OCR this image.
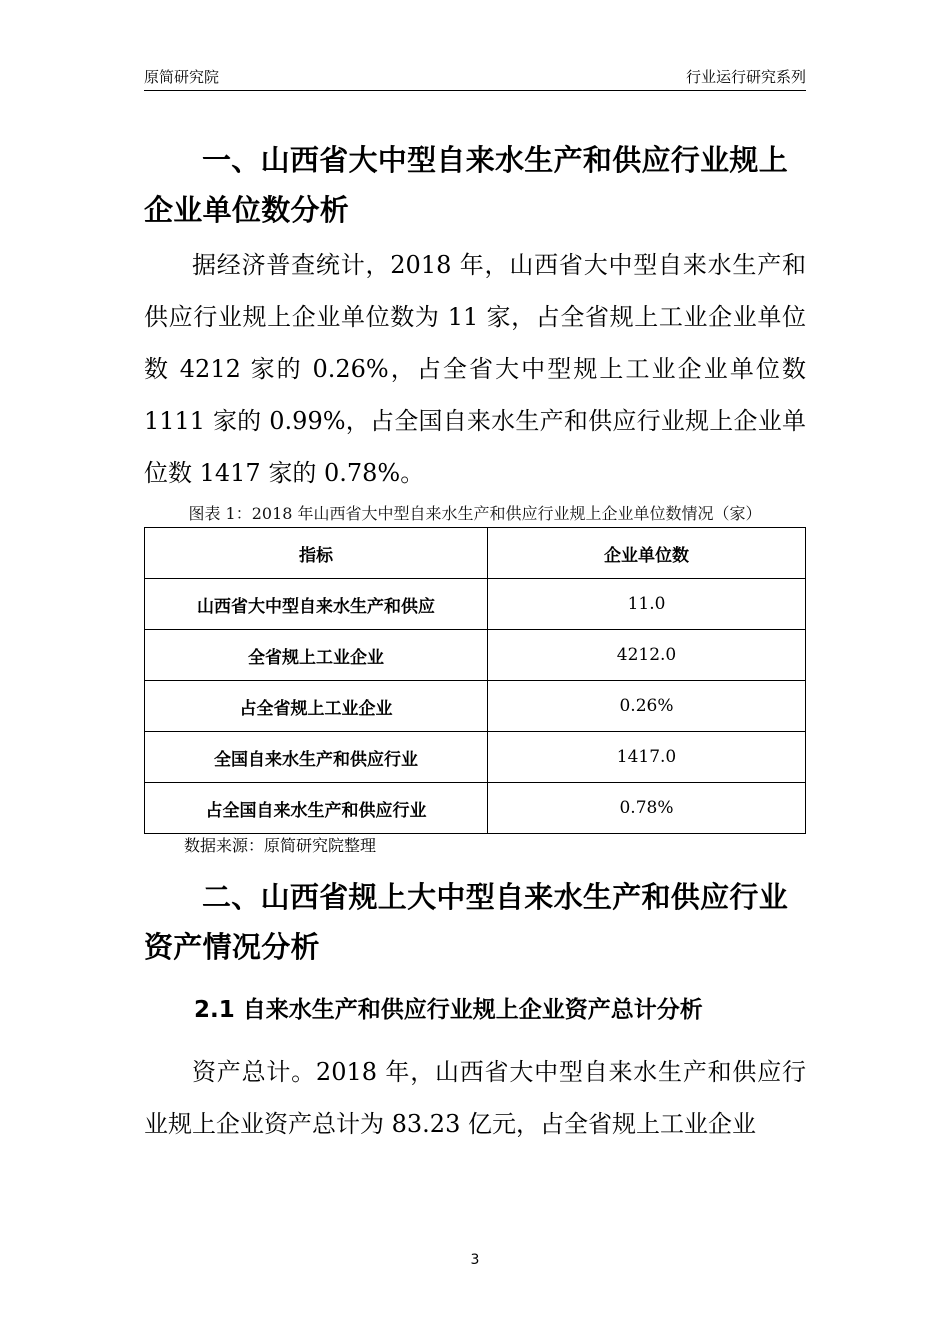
原简研究院	行业运行研究系列
一、山西省大中型自来水生产和供应行业规上企业单位数分析

据经济普查统计，2018 年，山西省大中型自来水生产和供应行业规上企业单位数为 11 家，占全省规上工业企业单位数 4212 家的 0.26%，占全省大中型规上工业企业单位数 1111 家的 0.99%，占全国自来水生产和供应行业规上企业单位数 1417 家的 0.78%。

图表 1：2018 年山西省大中型自来水生产和供应行业规上企业单位数情况（家）

指标	企业单位数
山西省大中型自来水生产和供应	11.0
全省规上工业企业	4212.0
占全省规上工业企业	0.26%
全国自来水生产和供应行业	1417.0
占全国自来水生产和供应行业	0.78%

数据来源：原简研究院整理

二、山西省规上大中型自来水生产和供应行业资产情况分析
2.1 自来水生产和供应行业规上企业资产总计分析

资产总计。2018 年，山西省大中型自来水生产和供应行业规上企业资产总计为 83.23 亿元，占全省规上工业企业

3
